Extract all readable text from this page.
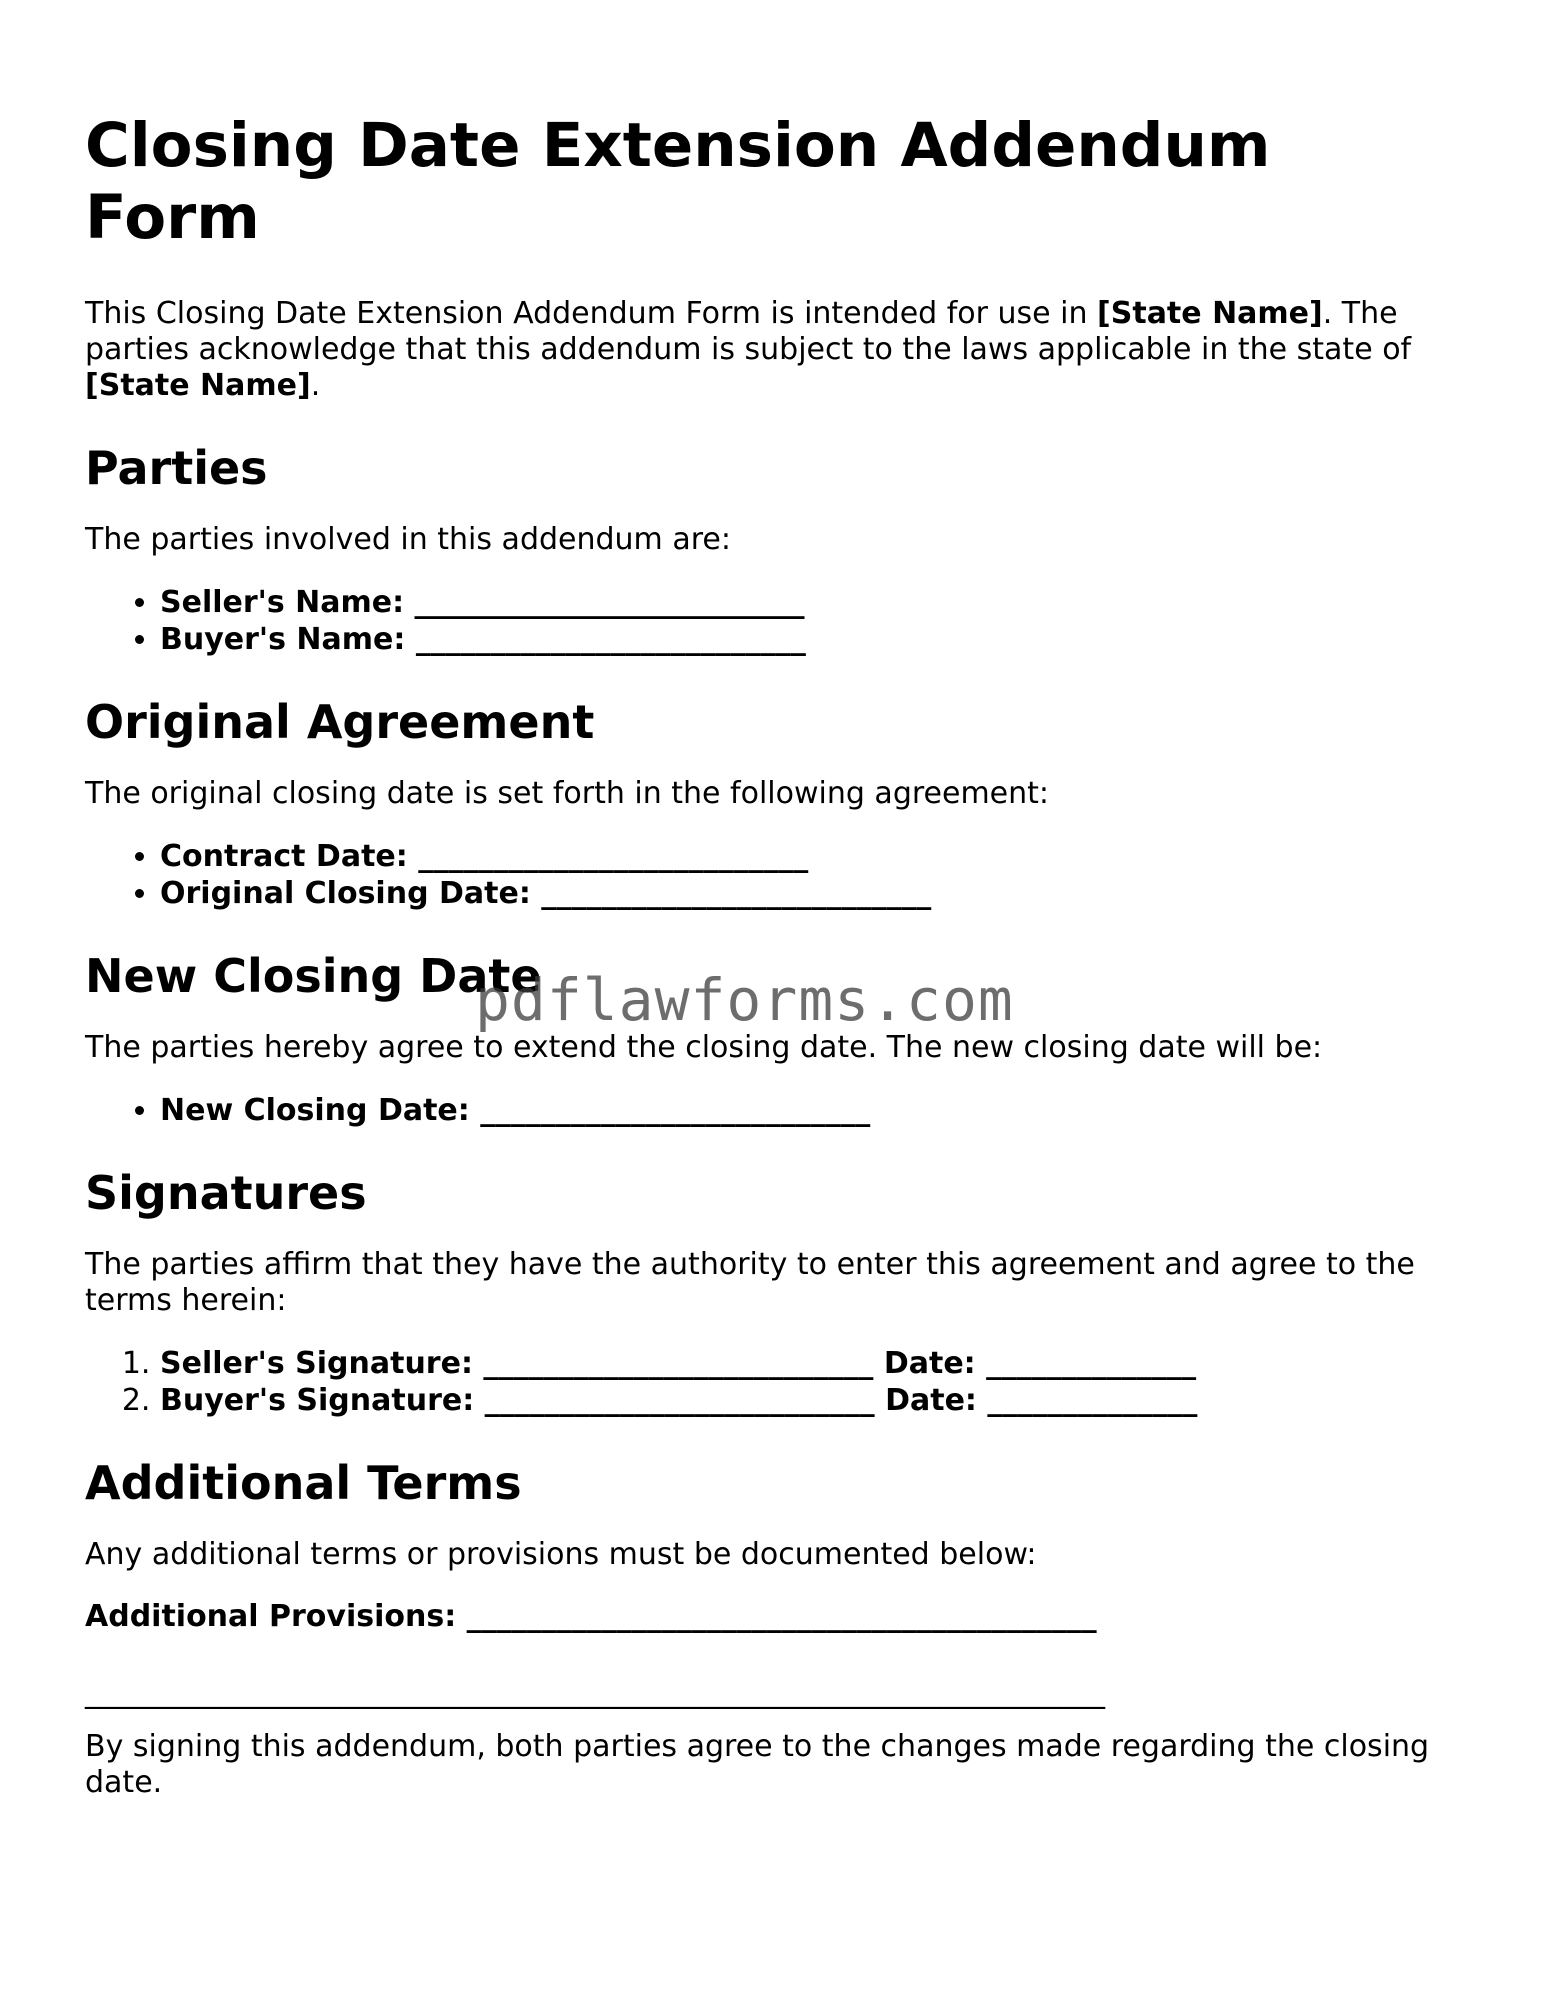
Closing Date Extension Addendum Form

This Closing Date Extension Addendum Form is intended for use in [State Name]. The parties acknowledge that this addendum is subject to the laws applicable in the state of [State Name].

Parties

The parties involved in this addendum are:

• Seller's Name: __________________________
• Buyer's Name: __________________________
Original Agreement

The original closing date is set forth in the following agreement:

• Contract Date: __________________________
• Original Closing Date: __________________________
New Closing Date

The parties hereby agree to extend the closing date. The new closing date will be:

• New Closing Date: __________________________
Signatures

The parties affirm that they have the authority to enter this agreement and agree to the terms herein:

1. Seller's Signature: __________________________ Date: ______________
2. Buyer's Signature: __________________________ Date: ______________
Additional Terms

Any additional terms or provisions must be documented below:

Additional Provisions: __________________________________________
____________________________________________________________________

By signing this addendum, both parties agree to the changes made regarding the closing date.

pdflawforms.com
